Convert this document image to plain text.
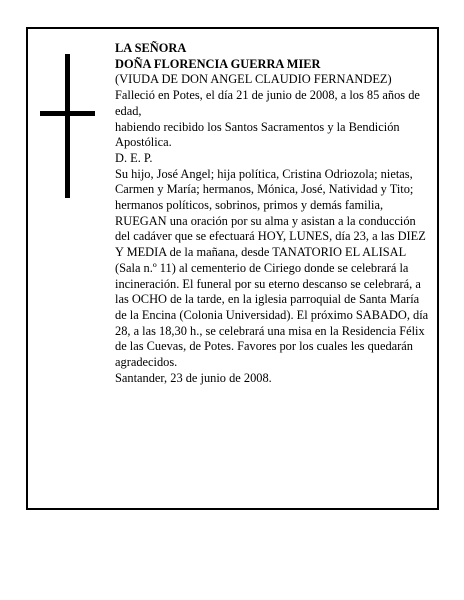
LA SEÑORA

DOÑA FLORENCIA GUERRA MIER

(VIUDA DE DON ANGEL CLAUDIO FERNANDEZ)

Falleció en Potes, el día 21 de junio de 2008, a los 85 años de edad,

habiendo recibido los Santos Sacramentos y la Bendición Apostólica.

D. E. P.

Su hijo, José Angel; hija política, Cristina Odriozola; nietas, Carmen y María; hermanos, Mónica, José, Natividad y Tito; hermanos políticos, sobrinos, primos y demás familia,

RUEGAN una oración por su alma y asistan a la conducción del cadáver que se efectuará HOY, LUNES, día 23, a las DIEZ Y MEDIA de la mañana, desde TANATORIO EL ALISAL (Sala n.º 11) al cementerio de Ciriego donde se celebrará la incineración. El funeral por su eterno descanso se celebrará, a las OCHO de la tarde, en la iglesia parroquial de Santa María de la Encina (Colonia Universidad). El próximo SABADO, día 28, a las 18,30 h., se celebrará una misa en la Residencia Félix de las Cuevas, de Potes. Favores por los cuales les quedarán agradecidos.

Santander, 23 de junio de 2008.
